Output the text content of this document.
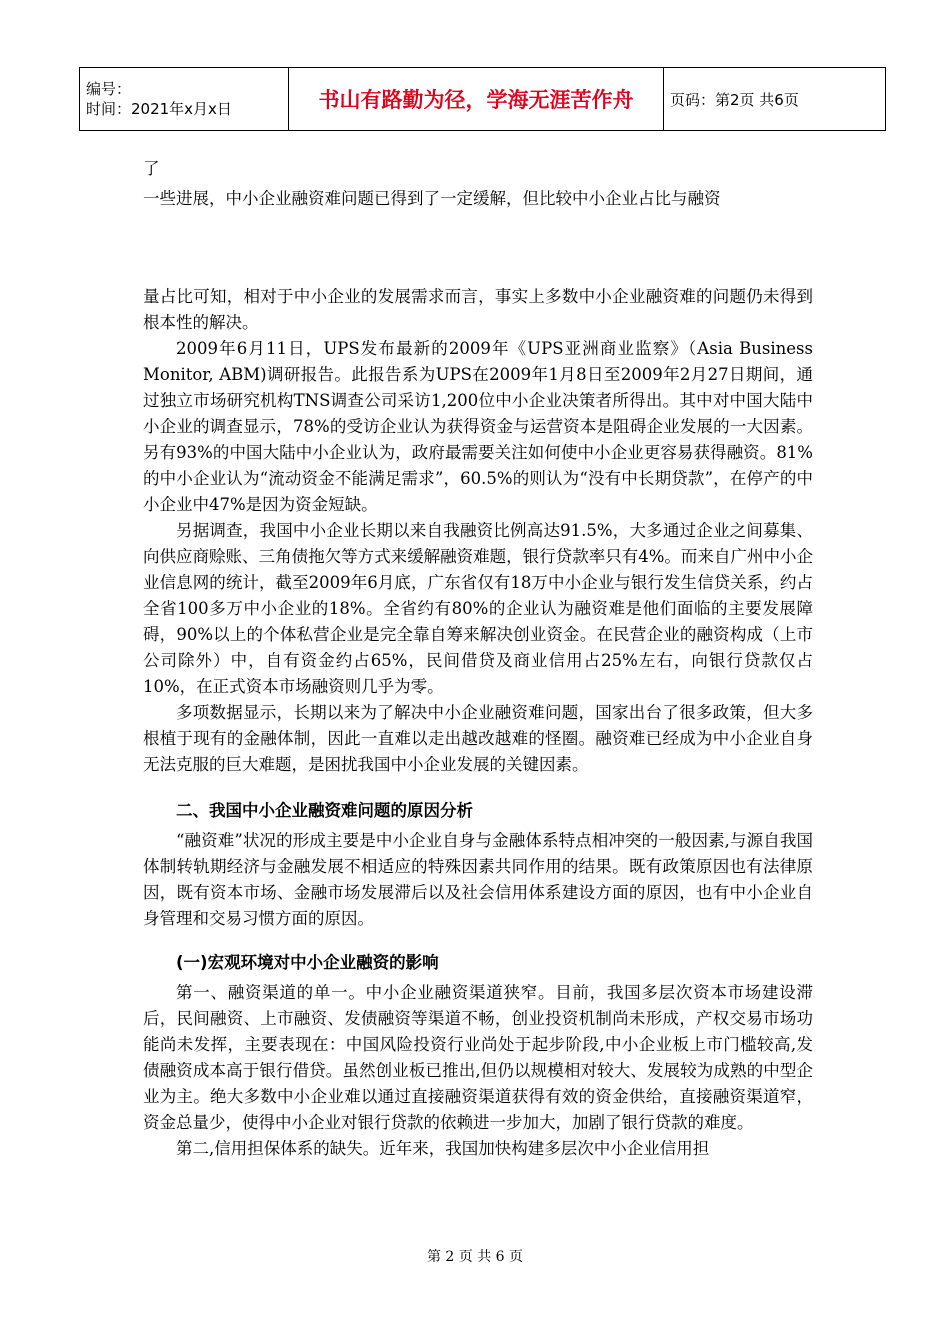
编号：
时间：2021年x月x日	书山有路勤为径，学海无涯苦作舟	页码：第2页 共6页
了
一些进展，中小企业融资难问题已得到了一定缓解，但比较中小企业占比与融资

量占比可知，相对于中小企业的发展需求而言，事实上多数中小企业融资难的问题仍未得到根本性的解决。

2009年6月11日，UPS发布最新的2009年《UPS亚洲商业监察》（Asia Business Monitor, ABM)调研报告。此报告系为UPS在2009年1月8日至2009年2月27日期间，通过独立市场研究机构TNS调查公司采访1,200位中小企业决策者所得出。其中对中国大陆中小企业的调查显示，78%的受访企业认为获得资金与运营资本是阻碍企业发展的一大因素。另有93%的中国大陆中小企业认为，政府最需要关注如何使中小企业更容易获得融资。81%的中小企业认为“流动资金不能满足需求”，60.5%的则认为“没有中长期贷款”，在停产的中小企业中47%是因为资金短缺。

另据调查，我国中小企业长期以来自我融资比例高达91.5%，大多通过企业之间募集、向供应商赊账、三角债拖欠等方式来缓解融资难题，银行贷款率只有4%。而来自广州中小企业信息网的统计，截至2009年6月底，广东省仅有18万中小企业与银行发生信贷关系，约占全省100多万中小企业的18%。全省约有80%的企业认为融资难是他们面临的主要发展障碍，90%以上的个体私营企业是完全靠自筹来解决创业资金。在民营企业的融资构成（上市公司除外）中，自有资金约占65%，民间借贷及商业信用占25%左右，向银行贷款仅占10%，在正式资本市场融资则几乎为零。

多项数据显示，长期以来为了解决中小企业融资难问题，国家出台了很多政策，但大多根植于现有的金融体制，因此一直难以走出越改越难的怪圈。融资难已经成为中小企业自身无法克服的巨大难题，是困扰我国中小企业发展的关键因素。

二、我国中小企业融资难问题的原因分析

“融资难”状况的形成主要是中小企业自身与金融体系特点相冲突的一般因素,与源自我国体制转轨期经济与金融发展不相适应的特殊因素共同作用的结果。既有政策原因也有法律原因，既有资本市场、金融市场发展滞后以及社会信用体系建设方面的原因，也有中小企业自身管理和交易习惯方面的原因。

(一)宏观环境对中小企业融资的影响

第一、融资渠道的单一。中小企业融资渠道狭窄。目前，我国多层次资本市场建设滞后，民间融资、上市融资、发债融资等渠道不畅，创业投资机制尚未形成，产权交易市场功能尚未发挥，主要表现在：中国风险投资行业尚处于起步阶段,中小企业板上市门槛较高,发债融资成本高于银行借贷。虽然创业板已推出,但仍以规模相对较大、发展较为成熟的中型企业为主。绝大多数中小企业难以通过直接融资渠道获得有效的资金供给，直接融资渠道窄，资金总量少，使得中小企业对银行贷款的依赖进一步加大，加剧了银行贷款的难度。

第二,信用担保体系的缺失。近年来，我国加快构建多层次中小企业信用担

第 2 页 共 6 页
